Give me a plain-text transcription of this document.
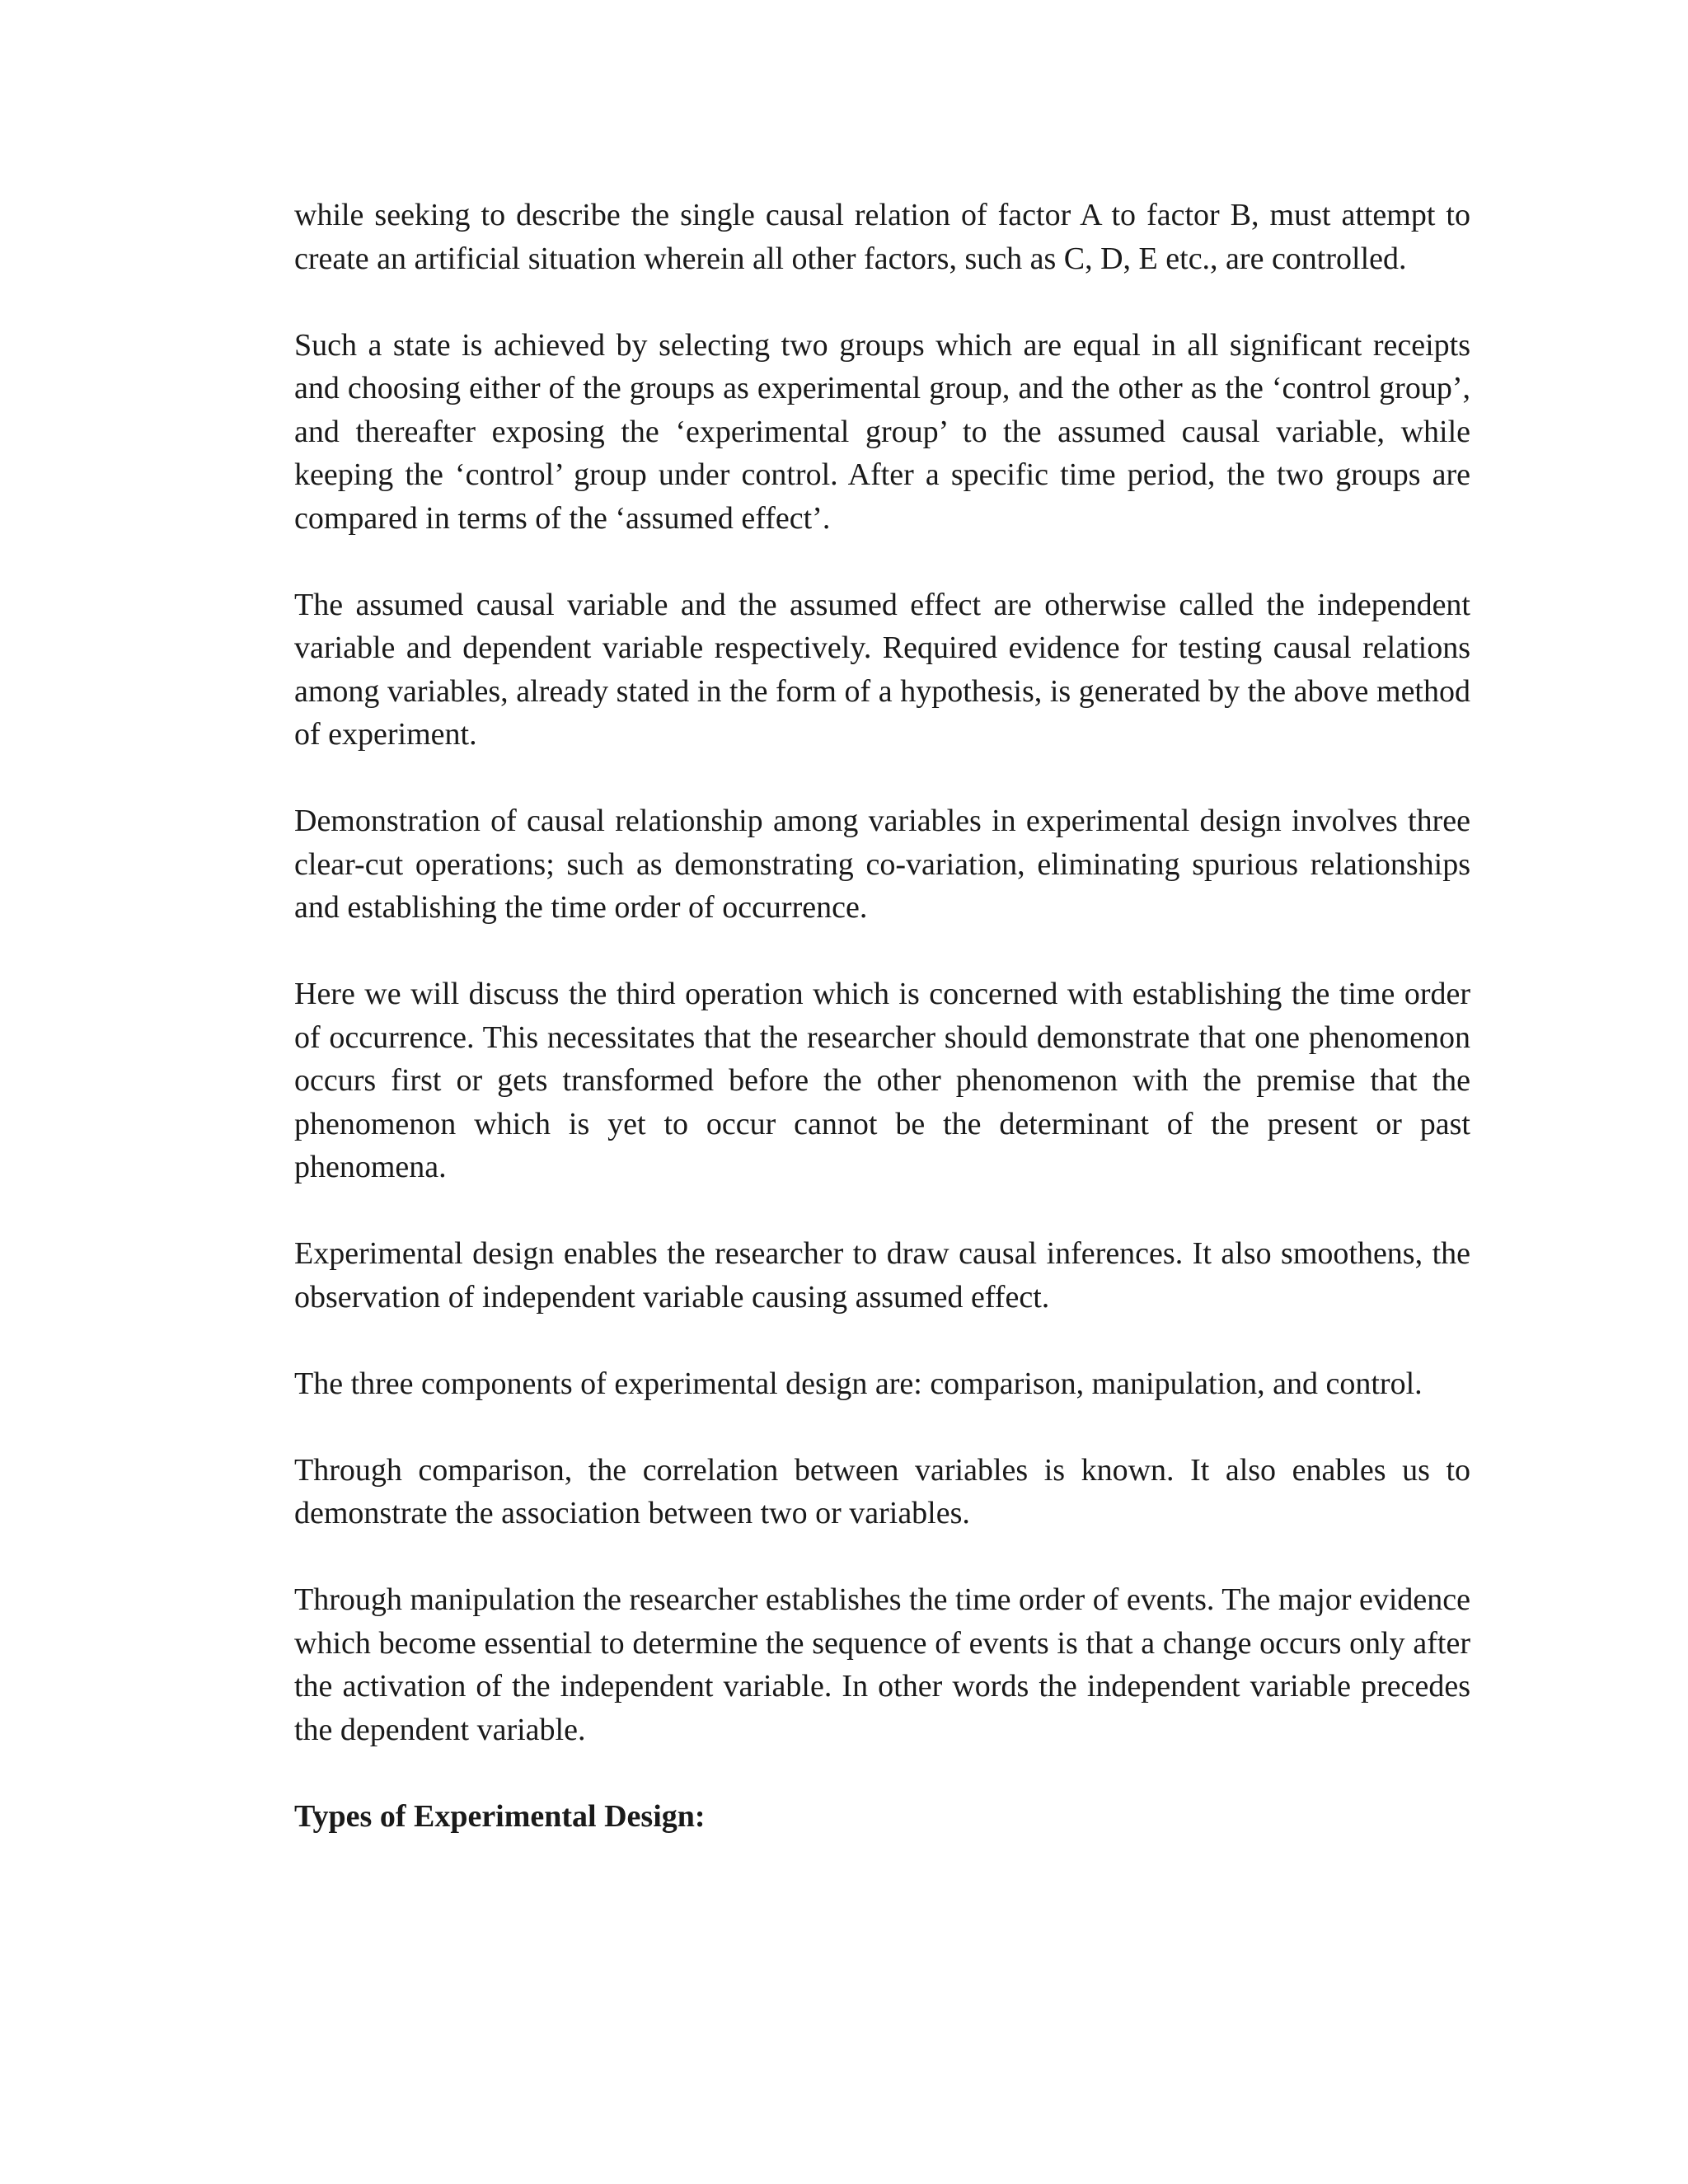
while seeking to describe the single causal relation of factor A to factor B, must attempt to create an artificial situation wherein all other factors, such as C, D, E etc., are controlled.

Such a state is achieved by selecting two groups which are equal in all significant receipts and choosing either of the groups as experimental group, and the other as the ‘control group’, and thereafter exposing the ‘experimental group’ to the assumed causal variable, while keeping the ‘control’ group under control. After a specific time period, the two groups are compared in terms of the ‘assumed effect’.

The assumed causal variable and the assumed effect are otherwise called the independent variable and dependent variable respectively. Required evidence for testing causal relations among variables, already stated in the form of a hypothesis, is generated by the above method of experiment.

Demonstration of causal relationship among variables in experimental design involves three clear-cut operations; such as demonstrating co-variation, eliminating spurious relationships and establishing the time order of occurrence.

Here we will discuss the third operation which is concerned with establishing the time order of occurrence. This necessitates that the researcher should demonstrate that one phenomenon occurs first or gets transformed before the other phenomenon with the premise that the phenomenon which is yet to occur cannot be the determinant of the present or past phenomena.

Experimental design enables the researcher to draw causal inferences. It also smoothens, the observation of independent variable causing assumed effect.

The three components of experimental design are: comparison, manipulation, and control.

Through comparison, the correlation between variables is known. It also enables us to demonstrate the association between two or variables.

Through manipulation the researcher establishes the time order of events. The major evidence which become essential to determine the sequence of events is that a change occurs only after the activation of the independent variable. In other words the independent variable precedes the dependent variable.

Types of Experimental Design:
